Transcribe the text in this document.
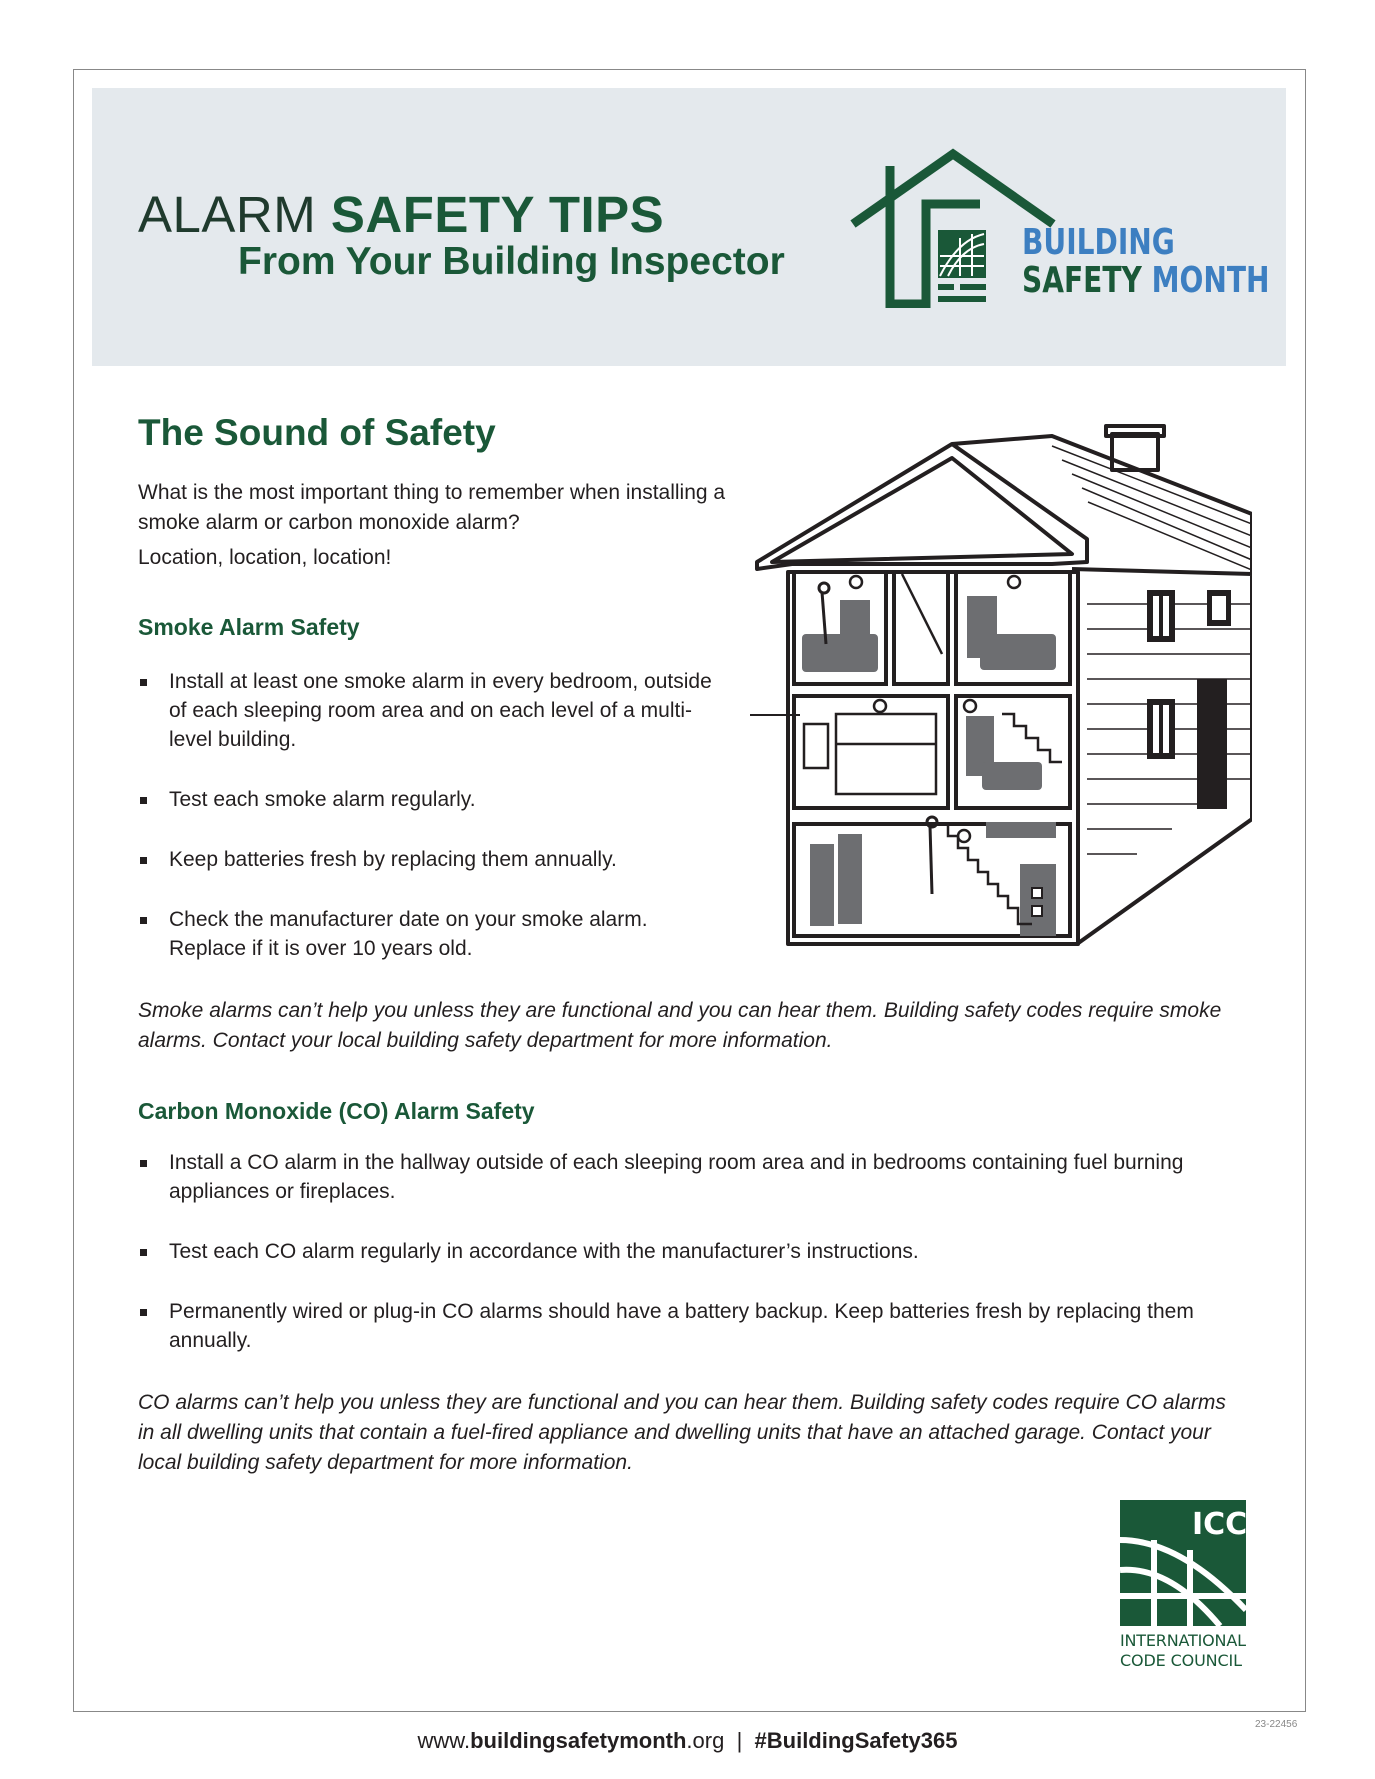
ALARM SAFETY TIPS
From Your Building Inspector	BUILDING
SAFETY MONTH
The Sound of Safety

What is the most important thing to remember when installing a smoke alarm or carbon monoxide alarm?

Location, location, location!

Smoke Alarm Safety
Install at least one smoke alarm in every bedroom, outside of each sleeping room area and on each level of a multi-level building.
Test each smoke alarm regularly.
Keep batteries fresh by replacing them annually.
Check the manufacturer date on your smoke alarm. Replace if it is over 10 years old.

Smoke alarms can’t help you unless they are functional and you can hear them. Building safety codes require smoke alarms. Contact your local building safety department for more information.

Carbon Monoxide (CO) Alarm Safety
Install a CO alarm in the hallway outside of each sleeping room area and in bedrooms containing fuel burning appliances or fireplaces.
Test each CO alarm regularly in accordance with the manufacturer’s instructions.
Permanently wired or plug-in CO alarms should have a battery backup. Keep batteries fresh by replacing them annually.

CO alarms can’t help you unless they are functional and you can hear them. Building safety codes require CO alarms in all dwelling units that contain a fuel-fired appliance and dwelling units that have an attached garage. Contact your local building safety department for more information.

ICC
INTERNATIONAL
CODE COUNCIL
23-22456
www.buildingsafetymonth.org  |  #BuildingSafety365
